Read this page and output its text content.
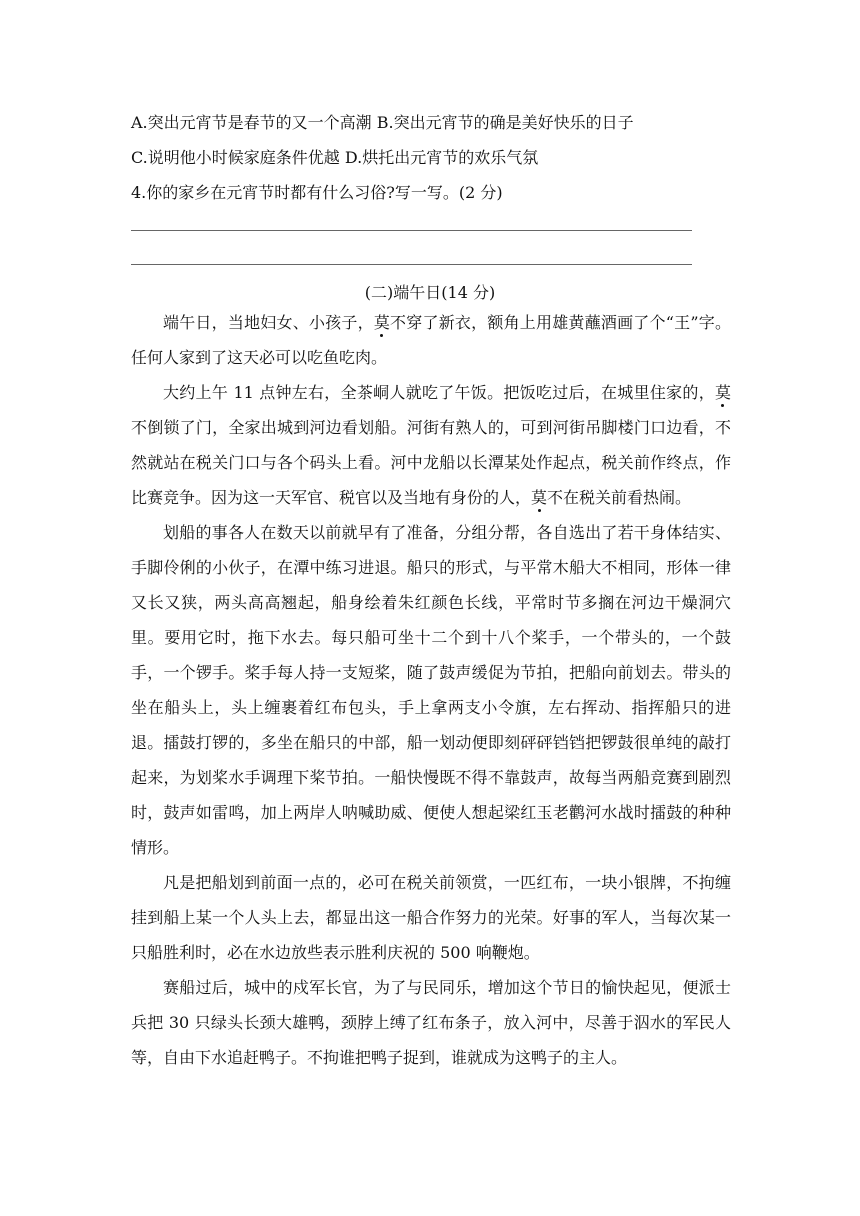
A.突出元宵节是春节的又一个高潮 B.突出元宵节的确是美好快乐的日子
C.说明他小时候家庭条件优越 D.烘托出元宵节的欢乐气氛
4.你的家乡在元宵节时都有什么习俗?写一写。(2 分)
(二)端午日(14 分)

端午日，当地妇女、小孩子，莫不穿了新衣，额角上用雄黄蘸酒画了个“王”字。任何人家到了这天必可以吃鱼吃肉。

大约上午 11 点钟左右，全茶峒人就吃了午饭。把饭吃过后，在城里住家的，莫不倒锁了门，全家出城到河边看划船。河街有熟人的，可到河街吊脚楼门口边看，不然就站在税关门口与各个码头上看。河中龙船以长潭某处作起点，税关前作终点，作比赛竞争。因为这一天军官、税官以及当地有身份的人，莫不在税关前看热闹。

划船的事各人在数天以前就早有了准备，分组分帮，各自选出了若干身体结实、手脚伶俐的小伙子，在潭中练习进退。船只的形式，与平常木船大不相同，形体一律又长又狭，两头高高翘起，船身绘着朱红颜色长线，平常时节多搁在河边干燥洞穴里。要用它时，拖下水去。每只船可坐十二个到十八个桨手，一个带头的，一个鼓手，一个锣手。桨手每人持一支短桨，随了鼓声缓促为节拍，把船向前划去。带头的坐在船头上，头上缠裹着红布包头，手上拿两支小令旗，左右挥动、指挥船只的进退。擂鼓打锣的，多坐在船只的中部，船一划动便即刻砰砰铛铛把锣鼓很单纯的敲打起来，为划桨水手调理下桨节拍。一船快慢既不得不靠鼓声，故每当两船竞赛到剧烈时，鼓声如雷鸣，加上两岸人呐喊助威、便使人想起梁红玉老鹳河水战时擂鼓的种种情形。

凡是把船划到前面一点的，必可在税关前领赏，一匹红布，一块小银牌，不拘缠挂到船上某一个人头上去，都显出这一船合作努力的光荣。好事的军人，当每次某一只船胜利时，必在水边放些表示胜利庆祝的 500 响鞭炮。

赛船过后，城中的戍军长官，为了与民同乐，增加这个节日的愉快起见，便派士兵把 30 只绿头长颈大雄鸭，颈脖上缚了红布条子，放入河中，尽善于泅水的军民人等，自由下水追赶鸭子。不拘谁把鸭子捉到，谁就成为这鸭子的主人。
